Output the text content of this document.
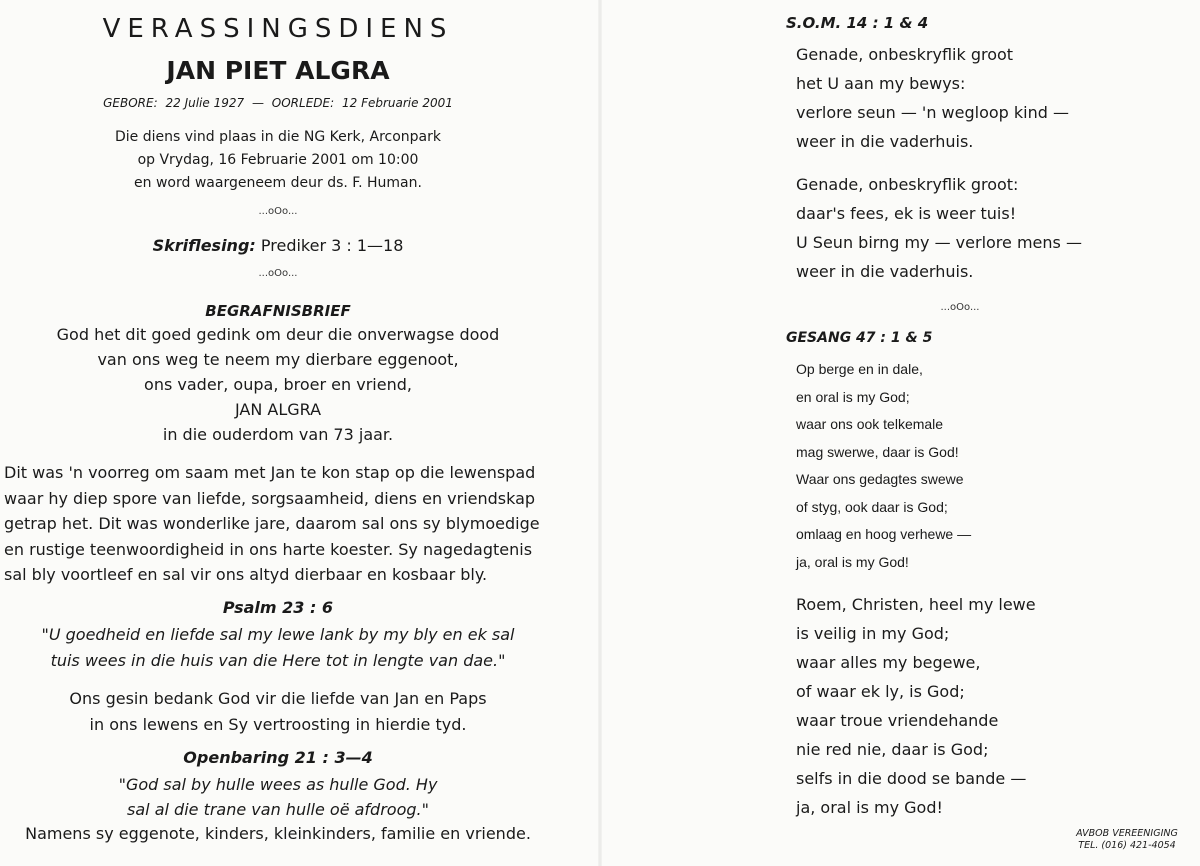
VERASSINGSDIENS
JAN PIET ALGRA
GEBORE: 22 Julie 1927 — OORLEDE: 12 Februarie 2001
Die diens vind plaas in die NG Kerk, Arconpark
op Vrydag, 16 Februarie 2001 om 10:00
en word waargeneem deur ds. F. Human.
...oOo...
Skriflesing: Prediker 3 : 1—18
...oOo...
BEGRAFNISBRIEF
God het dit goed gedink om deur die onverwagse dood
van ons weg te neem my dierbare eggenoot,
ons vader, oupa, broer en vriend,
JAN ALGRA
in die ouderdom van 73 jaar.
Dit was 'n voorreg om saam met Jan te kon stap op die lewenspad
waar hy diep spore van liefde, sorgsaamheid, diens en vriendskap
getrap het. Dit was wonderlike jare, daarom sal ons sy blymoedige
en rustige teenwoordigheid in ons harte koester. Sy nagedagtenis
sal bly voortleef en sal vir ons altyd dierbaar en kosbaar bly.
Psalm 23 : 6
"U goedheid en liefde sal my lewe lank by my bly en ek sal
tuis wees in die huis van die Here tot in lengte van dae."
Ons gesin bedank God vir die liefde van Jan en Paps
in ons lewens en Sy vertroosting in hierdie tyd.
Openbaring 21 : 3—4
"God sal by hulle wees as hulle God. Hy
sal al die trane van hulle oë afdroog."
Namens sy eggenote, kinders, kleinkinders, familie en vriende.
S.O.M. 14 : 1 & 4
Genade, onbeskryflik groot
het U aan my bewys:
verlore seun — 'n wegloop kind —
weer in die vaderhuis.
Genade, onbeskryflik groot:
daar's fees, ek is weer tuis!
U Seun birng my — verlore mens —
weer in die vaderhuis.
...oOo...
GESANG 47 : 1 & 5
Op berge en in dale,
en oral is my God;
waar ons ook telkemale
mag swerwe, daar is God!
Waar ons gedagtes swewe
of styg, ook daar is God;
omlaag en hoog verhewe —
ja, oral is my God!
Roem, Christen, heel my lewe
is veilig in my God;
waar alles my begewe,
of waar ek ly, is God;
waar troue vriendehande
nie red nie, daar is God;
selfs in die dood se bande —
ja, oral is my God!
AVBOB VEREENIGING
TEL. (016) 421-4054
